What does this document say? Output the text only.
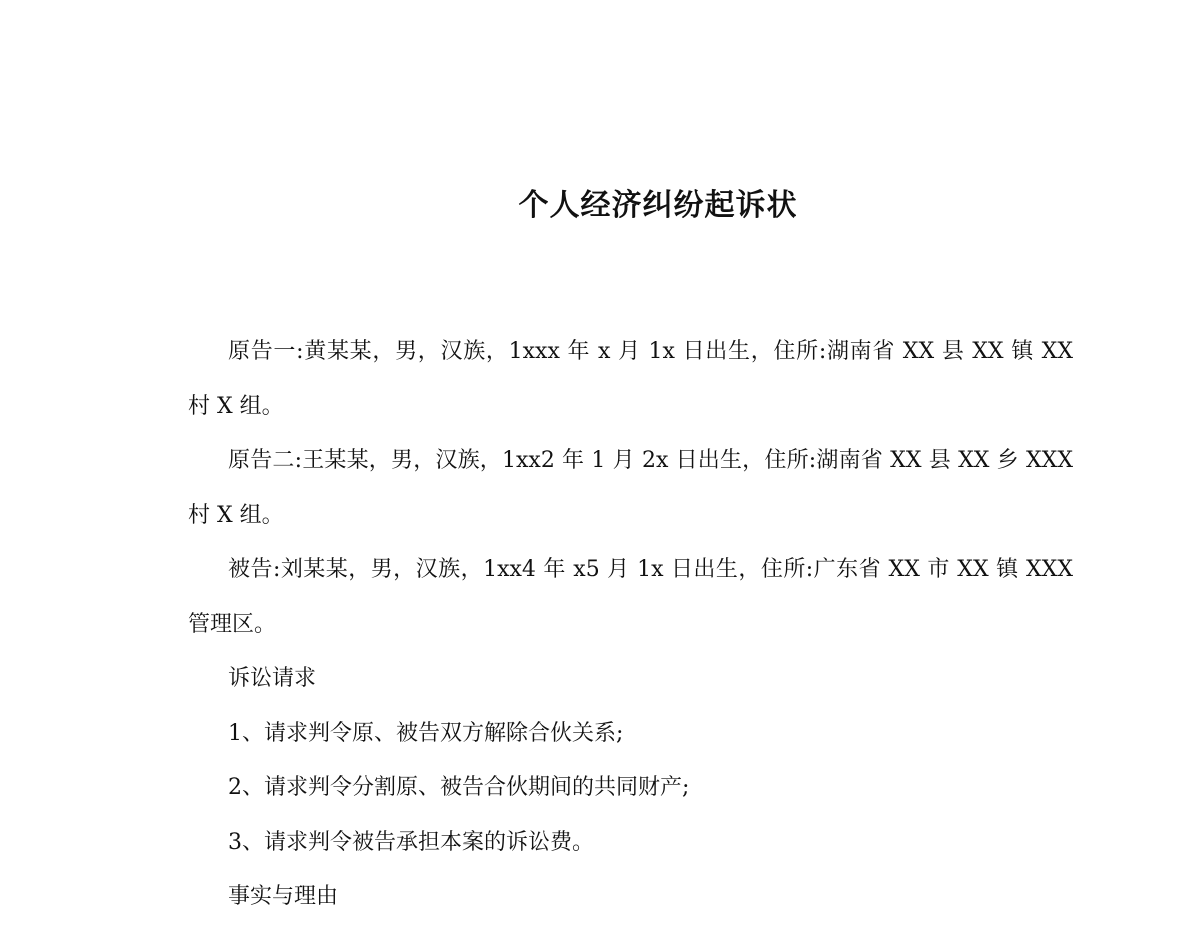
个人经济纠纷起诉状

原告一:黄某某，男，汉族，1xxx 年 x 月 1x 日出生，住所:湖南省 XX 县 XX 镇 XX 村 X 组。

原告二:王某某，男，汉族，1xx2 年 1 月 2x 日出生，住所:湖南省 XX 县 XX 乡 XXX 村 X 组。

被告:刘某某，男，汉族，1xx4 年 x5 月 1x 日出生，住所:广东省 XX 市 XX 镇 XXX 管理区。

诉讼请求

1、请求判令原、被告双方解除合伙关系;

2、请求判令分割原、被告合伙期间的共同财产;

3、请求判令被告承担本案的诉讼费。

事实与理由
